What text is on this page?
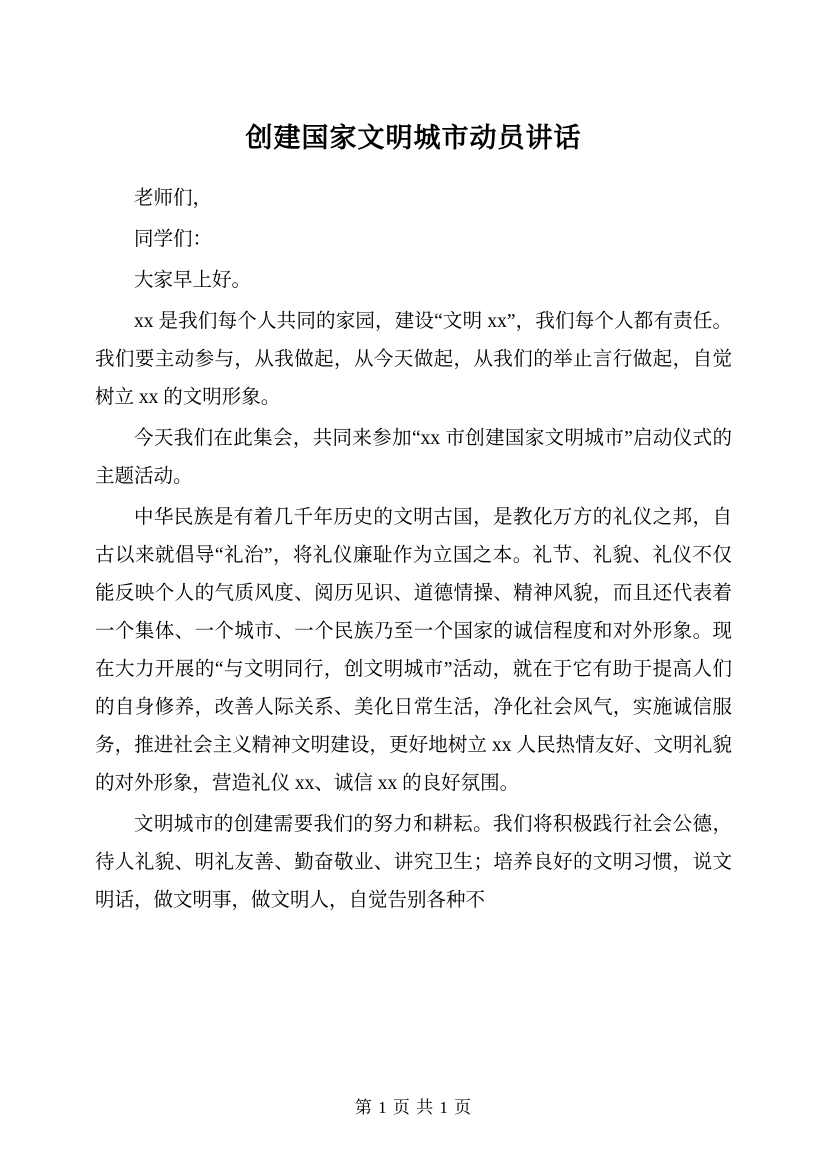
创建国家文明城市动员讲话

老师们，

同学们：

大家早上好。

xx 是我们每个人共同的家园，建设“文明 xx”，我们每个人都有责任。我们要主动参与，从我做起，从今天做起，从我们的举止言行做起，自觉树立 xx 的文明形象。

今天我们在此集会，共同来参加“xx 市创建国家文明城市”启动仪式的主题活动。

中华民族是有着几千年历史的文明古国，是教化万方的礼仪之邦，自古以来就倡导“礼治”，将礼仪廉耻作为立国之本。礼节、礼貌、礼仪不仅能反映个人的气质风度、阅历见识、道德情操、精神风貌，而且还代表着一个集体、一个城市、一个民族乃至一个国家的诚信程度和对外形象。现在大力开展的“与文明同行，创文明城市”活动，就在于它有助于提高人们的自身修养，改善人际关系、美化日常生活，净化社会风气，实施诚信服务，推进社会主义精神文明建设，更好地树立 xx 人民热情友好、文明礼貌的对外形象，营造礼仪 xx、诚信 xx 的良好氛围。

文明城市的创建需要我们的努力和耕耘。我们将积极践行社会公德，待人礼貌、明礼友善、勤奋敬业、讲究卫生；培养良好的文明习惯，说文明话，做文明事，做文明人，自觉告别各种不

第 1 页 共 1 页
